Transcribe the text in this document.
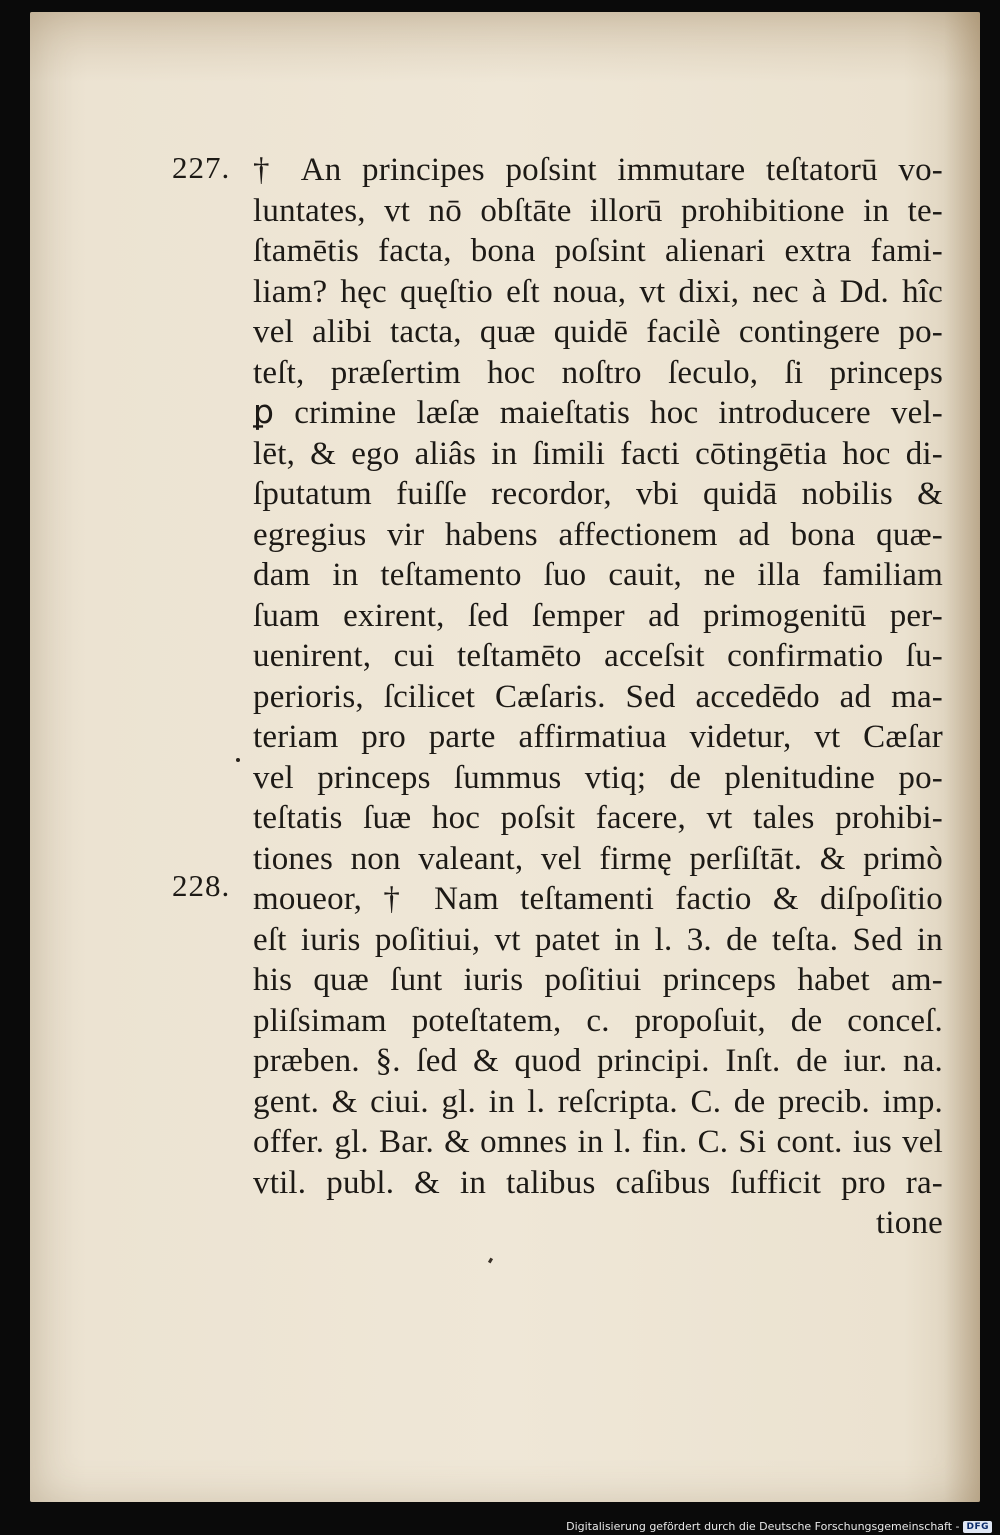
227.
228.
† An principes poſsint immutare teſtatorū vo-
luntates, vt nō obſtāte illorū prohibitione in te-
ſtamētis facta, bona poſsint alienari extra fami-
liam? hęc quęſtio eſt noua, vt dixi, nec à Dd. hîc
vel alibi tacta, quæ quidē facilè contingere po-
teſt, præſertim hoc noſtro ſeculo, ſi princeps
ꝑ crimine læſæ maieſtatis hoc introducere vel-
lēt, & ego aliâs in ſimili facti cōtingētia hoc di-
ſputatum fuiſſe recordor, vbi quidā nobilis &
egregius vir habens affectionem ad bona quæ-
dam in teſtamento ſuo cauit, ne illa familiam
ſuam exirent, ſed ſemper ad primogenitū per-
uenirent, cui teſtamēto acceſsit confirmatio ſu-
perioris, ſcilicet Cæſaris. Sed accedēdo ad ma-
teriam pro parte affirmatiua videtur, vt Cæſar
vel princeps ſummus vtiq; de plenitudine po-
teſtatis ſuæ hoc poſsit facere, vt tales prohibi-
tiones non valeant, vel firmę perſiſtāt. & primò
moueor, † Nam teſtamenti factio & diſpoſitio
eſt iuris poſitiui, vt patet in l. 3. de teſta. Sed in
his quæ ſunt iuris poſitiui princeps habet am-
pliſsimam poteſtatem, c. propoſuit, de conceſ.
præben. §. ſed & quod principi. Inſt. de iur. na.
gent. & ciui. gl. in l. reſcripta. C. de precib. imp.
offer. gl. Bar. & omnes in l. fin. C. Si cont. ius vel
vtil. publ. & in talibus caſibus ſufficit pro ra-
tione
Digitalisierung gefördert durch die Deutsche Forschungsgemeinschaft - DFG
